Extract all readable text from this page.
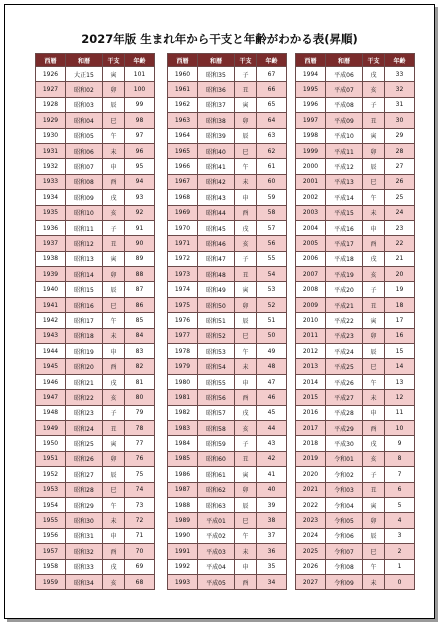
2027年版 生まれ年から干支と年齢がわかる表(昇順)
西暦	和暦	干支	年齢
1926	大正15	寅	101
1927	昭和02	卯	100
1928	昭和03	辰	99
1929	昭和04	巳	98
1930	昭和05	午	97
1931	昭和06	未	96
1932	昭和07	申	95
1933	昭和08	酉	94
1934	昭和09	戌	93
1935	昭和10	亥	92
1936	昭和11	子	91
1937	昭和12	丑	90
1938	昭和13	寅	89
1939	昭和14	卯	88
1940	昭和15	辰	87
1941	昭和16	巳	86
1942	昭和17	午	85
1943	昭和18	未	84
1944	昭和19	申	83
1945	昭和20	酉	82
1946	昭和21	戌	81
1947	昭和22	亥	80
1948	昭和23	子	79
1949	昭和24	丑	78
1950	昭和25	寅	77
1951	昭和26	卯	76
1952	昭和27	辰	75
1953	昭和28	巳	74
1954	昭和29	午	73
1955	昭和30	未	72
1956	昭和31	申	71
1957	昭和32	酉	70
1958	昭和33	戌	69
1959	昭和34	亥	68
西暦	和暦	干支	年齢
1960	昭和35	子	67
1961	昭和36	丑	66
1962	昭和37	寅	65
1963	昭和38	卯	64
1964	昭和39	辰	63
1965	昭和40	巳	62
1966	昭和41	午	61
1967	昭和42	未	60
1968	昭和43	申	59
1969	昭和44	酉	58
1970	昭和45	戌	57
1971	昭和46	亥	56
1972	昭和47	子	55
1973	昭和48	丑	54
1974	昭和49	寅	53
1975	昭和50	卯	52
1976	昭和51	辰	51
1977	昭和52	巳	50
1978	昭和53	午	49
1979	昭和54	未	48
1980	昭和55	申	47
1981	昭和56	酉	46
1982	昭和57	戌	45
1983	昭和58	亥	44
1984	昭和59	子	43
1985	昭和60	丑	42
1986	昭和61	寅	41
1987	昭和62	卯	40
1988	昭和63	辰	39
1989	平成01	巳	38
1990	平成02	午	37
1991	平成03	未	36
1992	平成04	申	35
1993	平成05	酉	34
西暦	和暦	干支	年齢
1994	平成06	戌	33
1995	平成07	亥	32
1996	平成08	子	31
1997	平成09	丑	30
1998	平成10	寅	29
1999	平成11	卯	28
2000	平成12	辰	27
2001	平成13	巳	26
2002	平成14	午	25
2003	平成15	未	24
2004	平成16	申	23
2005	平成17	酉	22
2006	平成18	戌	21
2007	平成19	亥	20
2008	平成20	子	19
2009	平成21	丑	18
2010	平成22	寅	17
2011	平成23	卯	16
2012	平成24	辰	15
2013	平成25	巳	14
2014	平成26	午	13
2015	平成27	未	12
2016	平成28	申	11
2017	平成29	酉	10
2018	平成30	戌	9
2019	令和01	亥	8
2020	令和02	子	7
2021	令和03	丑	6
2022	令和04	寅	5
2023	令和05	卯	4
2024	令和06	辰	3
2025	令和07	巳	2
2026	令和08	午	1
2027	令和09	未	0
